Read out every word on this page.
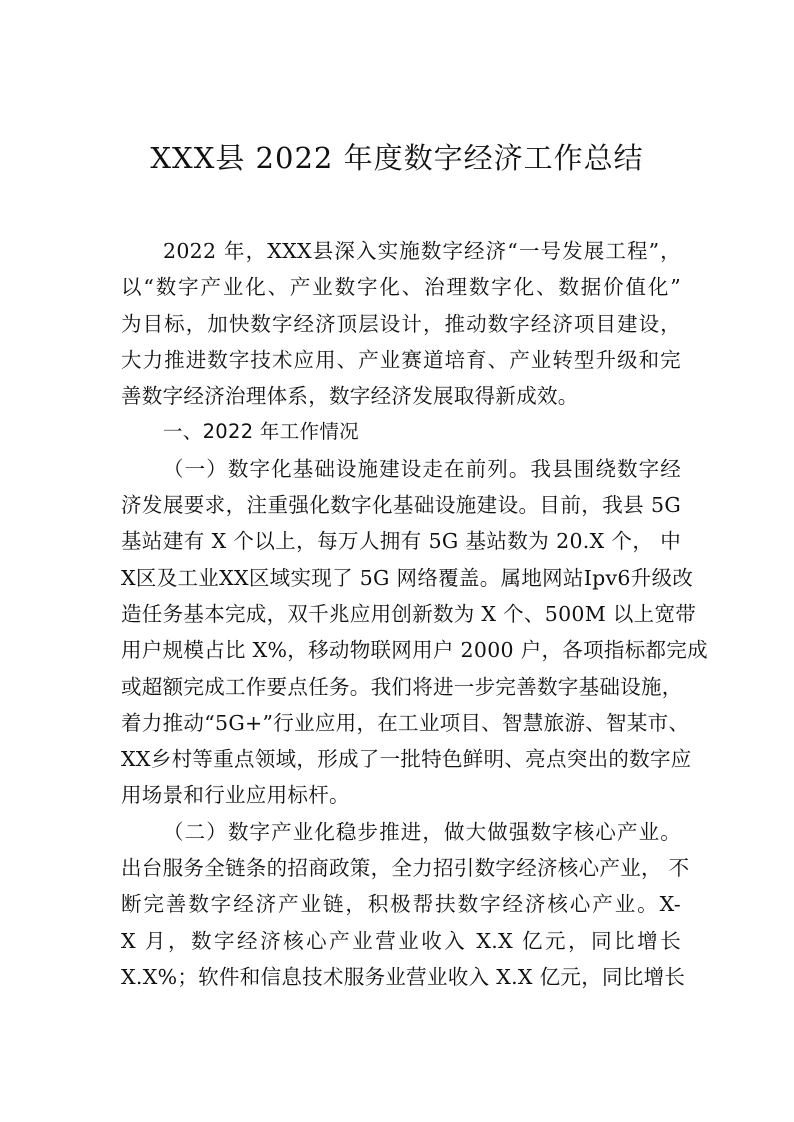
XXX县 2022 年度数字经济工作总结
2022 年，XXX县深入实施数字经济“一号发展工程”，
以“数字产业化、产业数字化、治理数字化、数据价值化”
为目标，加快数字经济顶层设计，推动数字经济项目建设，
大力推进数字技术应用、产业赛道培育、产业转型升级和完
善数字经济治理体系，数字经济发展取得新成效。
一、2022 年工作情况
（一）数字化基础设施建设走在前列。我县围绕数字经
济发展要求，注重强化数字化基础设施建设。目前，我县 5G
基站建有 X 个以上，每万人拥有 5G 基站数为 20.X 个， 中
X区及工业XX区域实现了 5G 网络覆盖。属地网站Ipv6升级改
造任务基本完成，双千兆应用创新数为 X 个、500M 以上宽带
用户规模占比 X%，移动物联网用户 2000 户，各项指标都完成
或超额完成工作要点任务。我们将进一步完善数字基础设施，
着力推动“5G+”行业应用，在工业项目、智慧旅游、智某市、
XX乡村等重点领域，形成了一批特色鲜明、亮点突出的数字应
用场景和行业应用标杆。
（二）数字产业化稳步推进，做大做强数字核心产业。
出台服务全链条的招商政策，全力招引数字经济核心产业， 不
断完善数字经济产业链，积极帮扶数字经济核心产业。X-
X 月，数字经济核心产业营业收入 X.X 亿元，同比增长
X.X%；软件和信息技术服务业营业收入 X.X 亿元，同比增长
